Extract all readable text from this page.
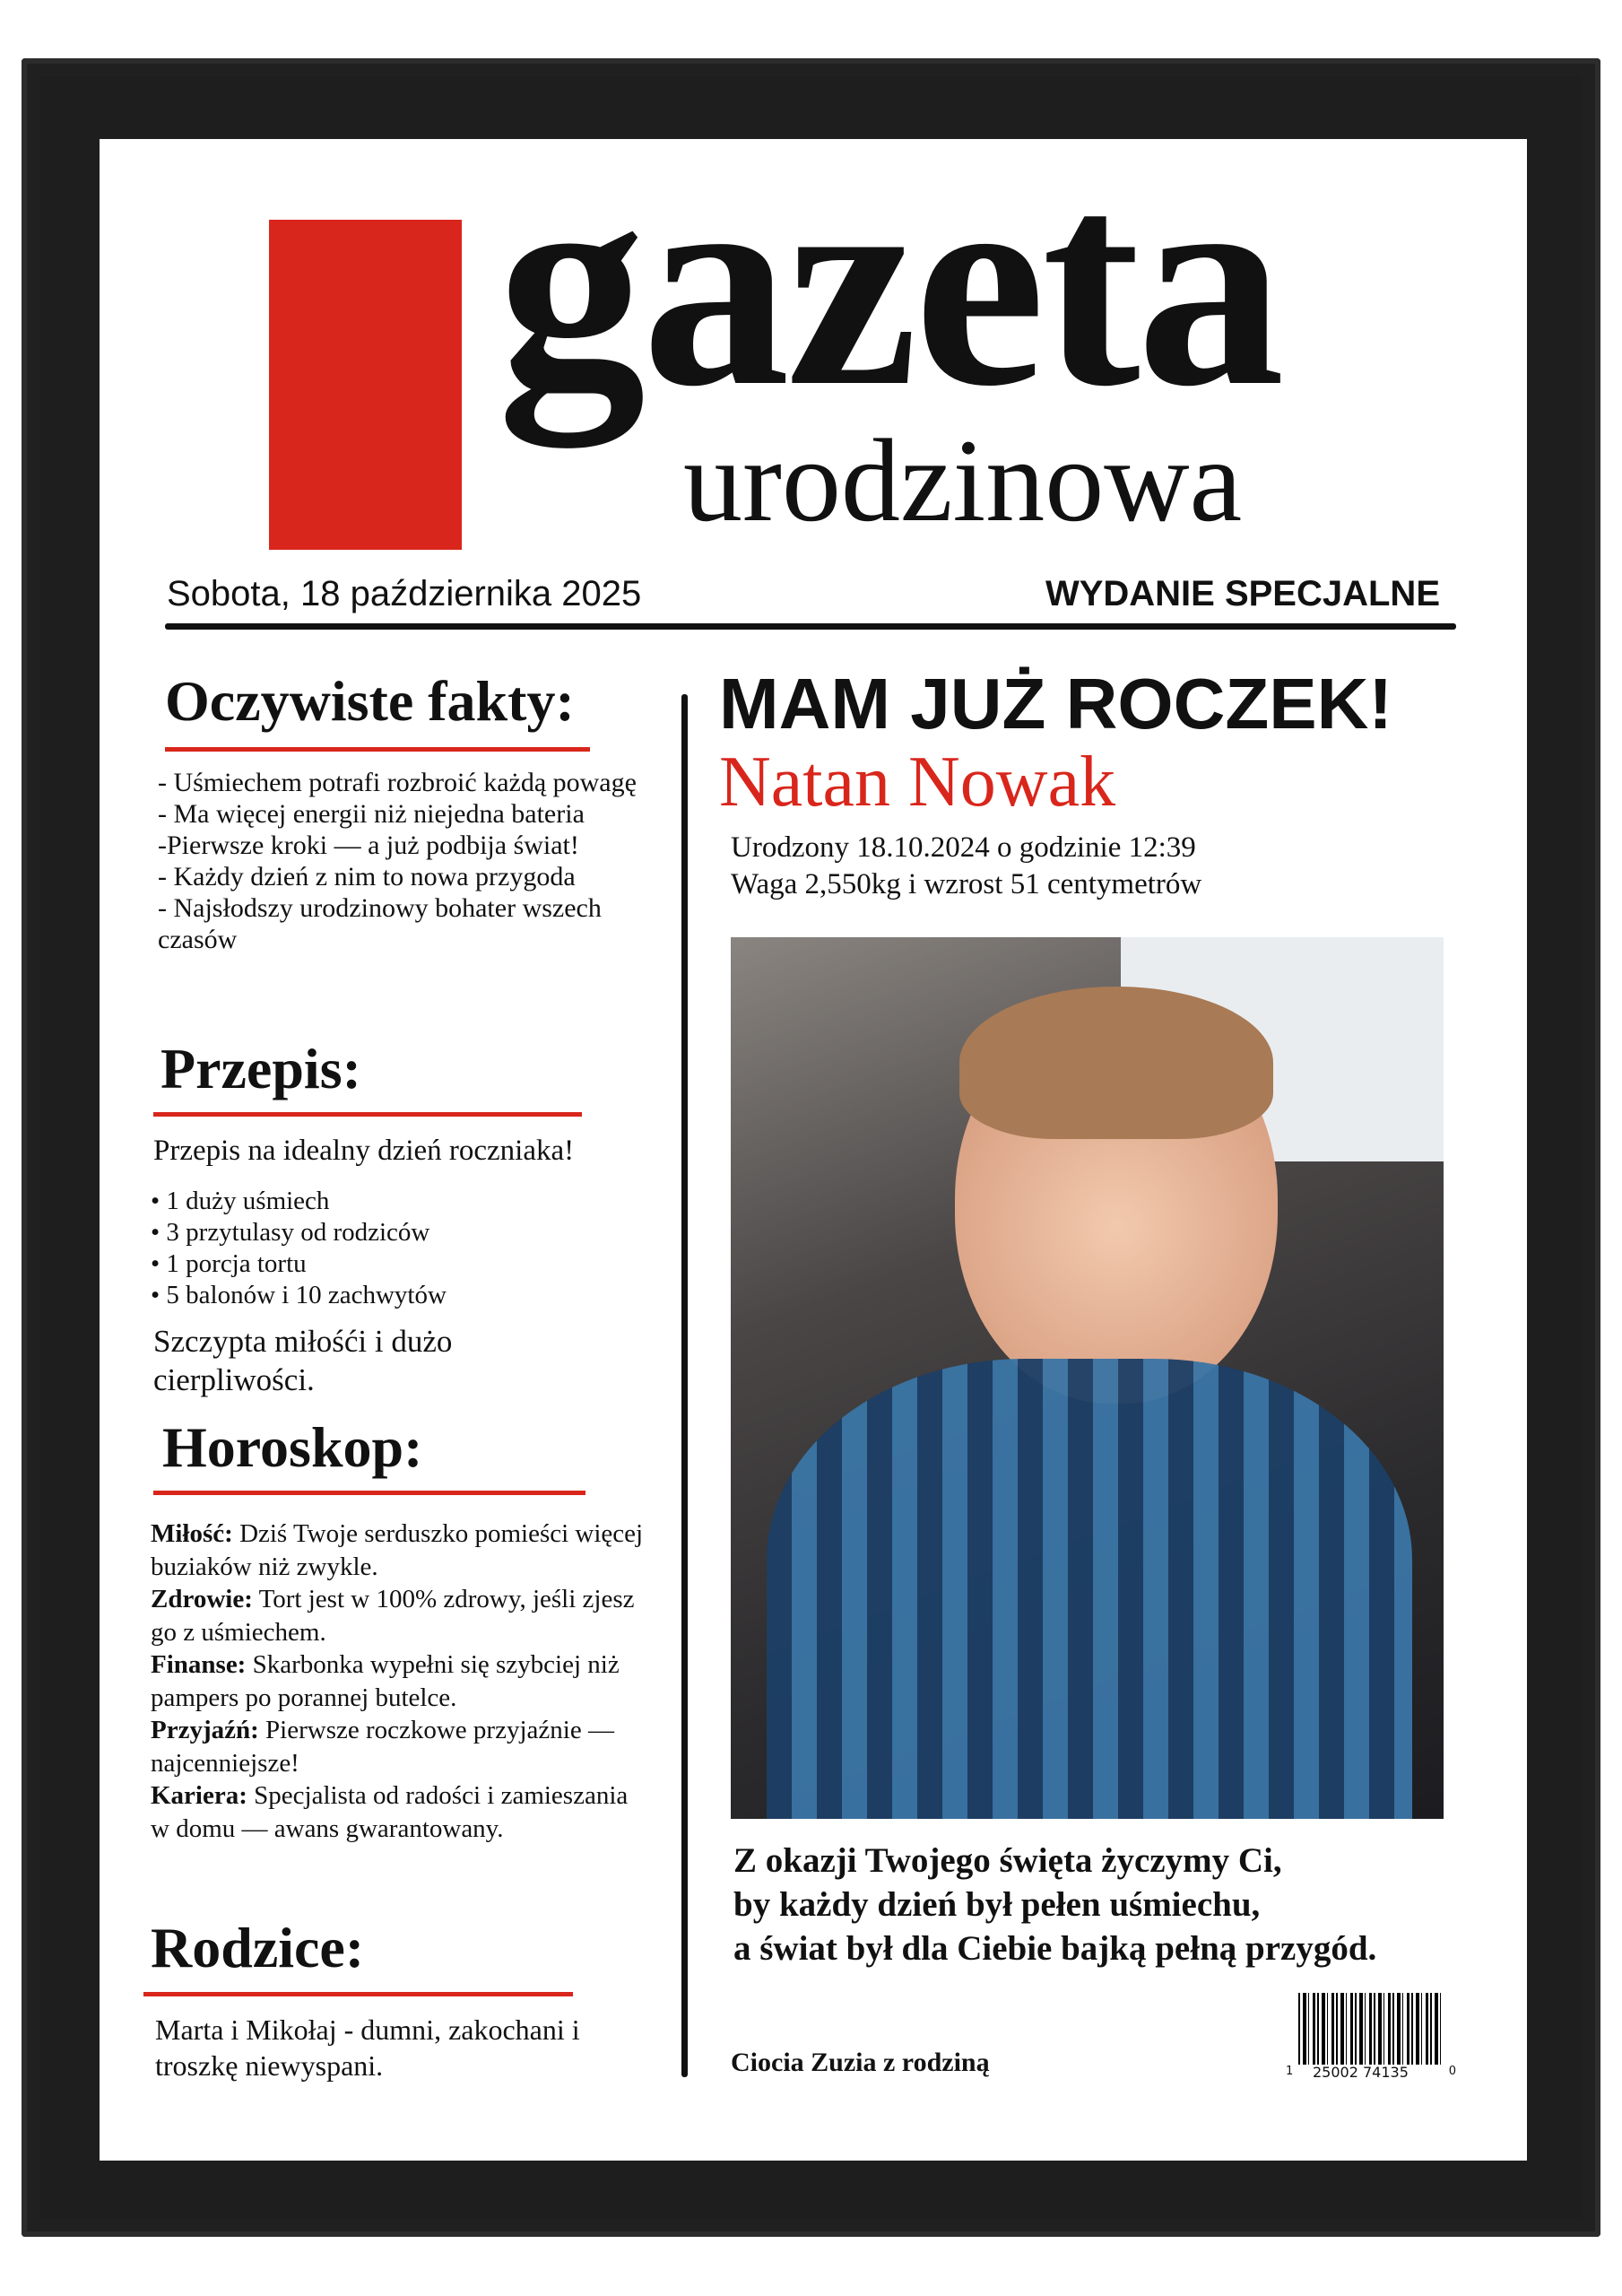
gazeta
urodzinowa
Sobota, 18 października 2025	WYDANIE SPECJALNE
Oczywiste fakty:
- Uśmiechem potrafi rozbroić każdą powagę
- Ma więcej energii niż niejedna bateria
-Pierwsze kroki — a już podbija świat!
- Każdy dzień z nim to nowa przygoda
- Najsłodszy urodzinowy bohater wszech czasów
Przepis:
Przepis na idealny dzień roczniaka!
• 1 duży uśmiech
• 3 przytulasy od rodziców
• 1 porcja tortu
• 5 balonów i 10 zachwytów
Szczypta miłośći i dużo cierpliwości.
Horoskop:
Miłość: Dziś Twoje serduszko pomieści więcej buziaków niż zwykle.
Zdrowie: Tort jest w 100% zdrowy, jeśli zjesz go z uśmiechem.
Finanse: Skarbonka wypełni się szybciej niż pampers po porannej butelce.
Przyjaźń: Pierwsze roczkowe przyjaźnie — najcenniejsze!
Kariera: Specjalista od radości i zamieszania w domu — awans gwarantowany.
Rodzice:
Marta i Mikołaj - dumni, zakochani i troszkę niewyspani.
MAM JUŻ ROCZEK!
Natan Nowak
Urodzony 18.10.2024 o godzinie 12:39
Waga 2,550kg i wzrost 51 centymetrów
Z okazji Twojego święta życzymy Ci,
by każdy dzień był pełen uśmiechu,
a świat był dla Ciebie bajką pełną przygód.
Ciocia Zuzia z rodziną	1 25002 74135	0
